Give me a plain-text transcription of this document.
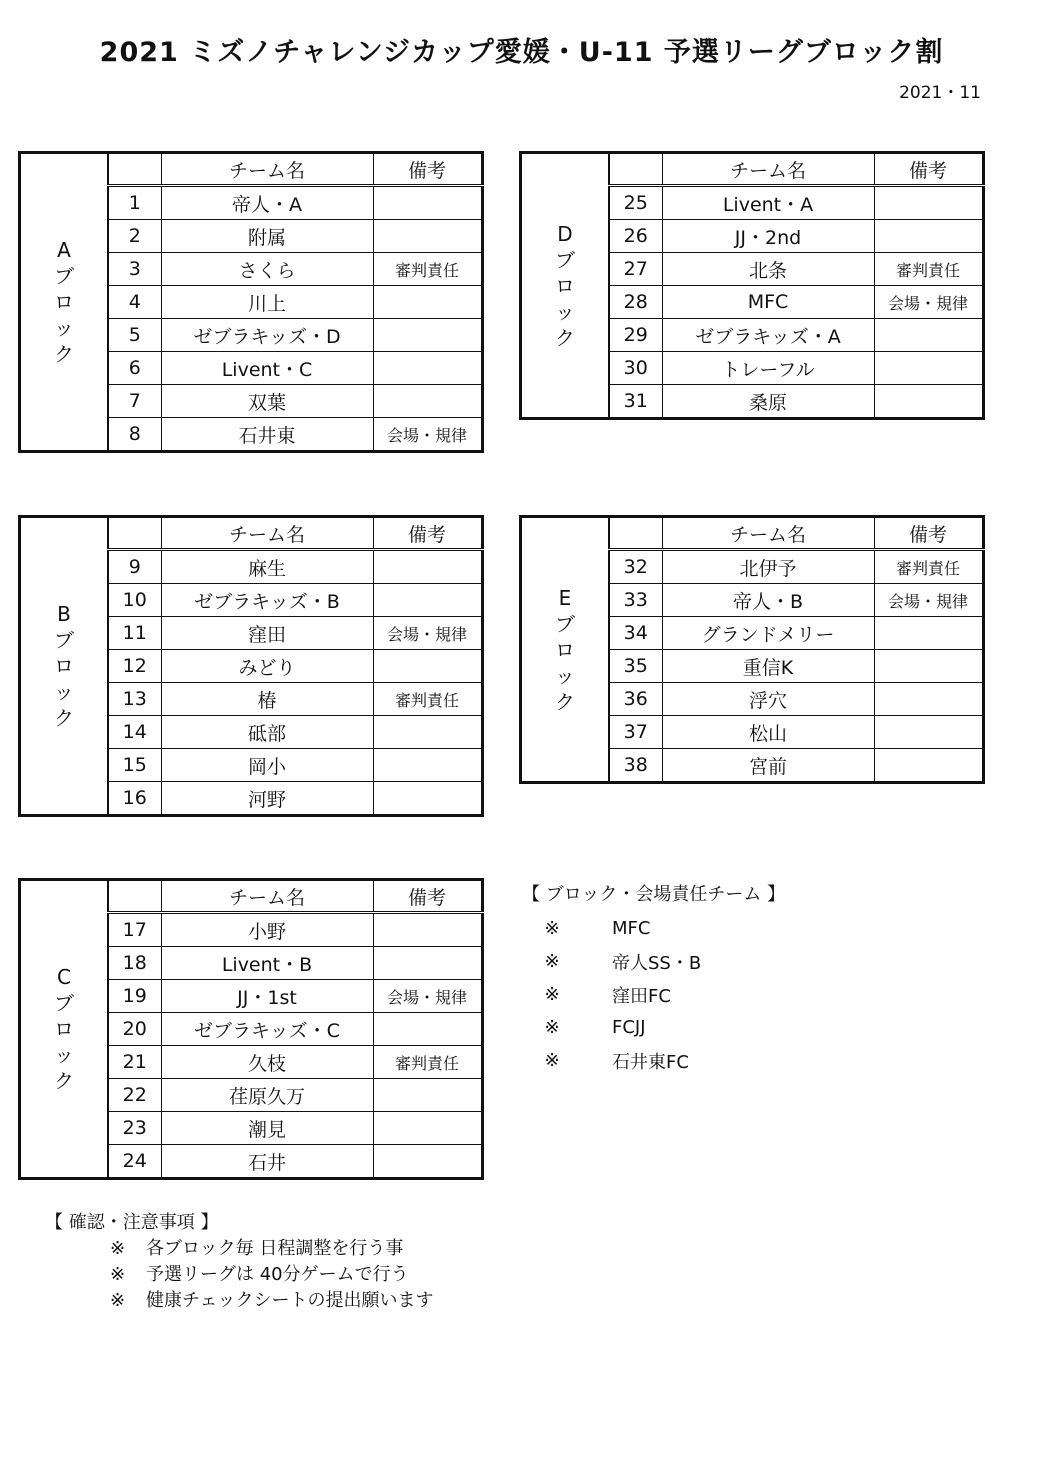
2021 ミズノチャレンジカップ愛媛・U-11 予選リーグブロック割
2021・11
A
ブ
ロ
ッ
ク		チーム名	備考
	1	帝人・A	
	2	附属	
	3	さくら	審判責任
	4	川上	
	5	ゼブラキッズ・D	
	6	Livent・C	
	7	双葉	
	8	石井東	会場・規律
D
ブ
ロ
ッ
ク		チーム名	備考
	25	Livent・A	
	26	JJ・2nd	
	27	北条	審判責任
	28	MFC	会場・規律
	29	ゼブラキッズ・A	
	30	トレーフル	
	31	桑原	
B
ブ
ロ
ッ
ク		チーム名	備考
	9	麻生	
	10	ゼブラキッズ・B	
	11	窪田	会場・規律
	12	みどり	
	13	椿	審判責任
	14	砥部	
	15	岡小	
	16	河野	
E
ブ
ロ
ッ
ク		チーム名	備考
	32	北伊予	審判責任
	33	帝人・B	会場・規律
	34	グランドメリー	
	35	重信K	
	36	浮穴	
	37	松山	
	38	宮前	
C
ブ
ロ
ッ
ク		チーム名	備考
	17	小野	
	18	Livent・B	
	19	JJ・1st	会場・規律
	20	ゼブラキッズ・C	
	21	久枝	審判責任
	22	荏原久万	
	23	潮見	
	24	石井	
【 ブロック・会場責任チーム 】
※	MFC
※	帝人SS・B
※	窪田FC
※	FCJJ
※	石井東FC
【 確認・注意事項 】
※ 各ブロック毎 日程調整を行う事
※ 予選リーグは 40分ゲームで行う
※ 健康チェックシートの提出願います
